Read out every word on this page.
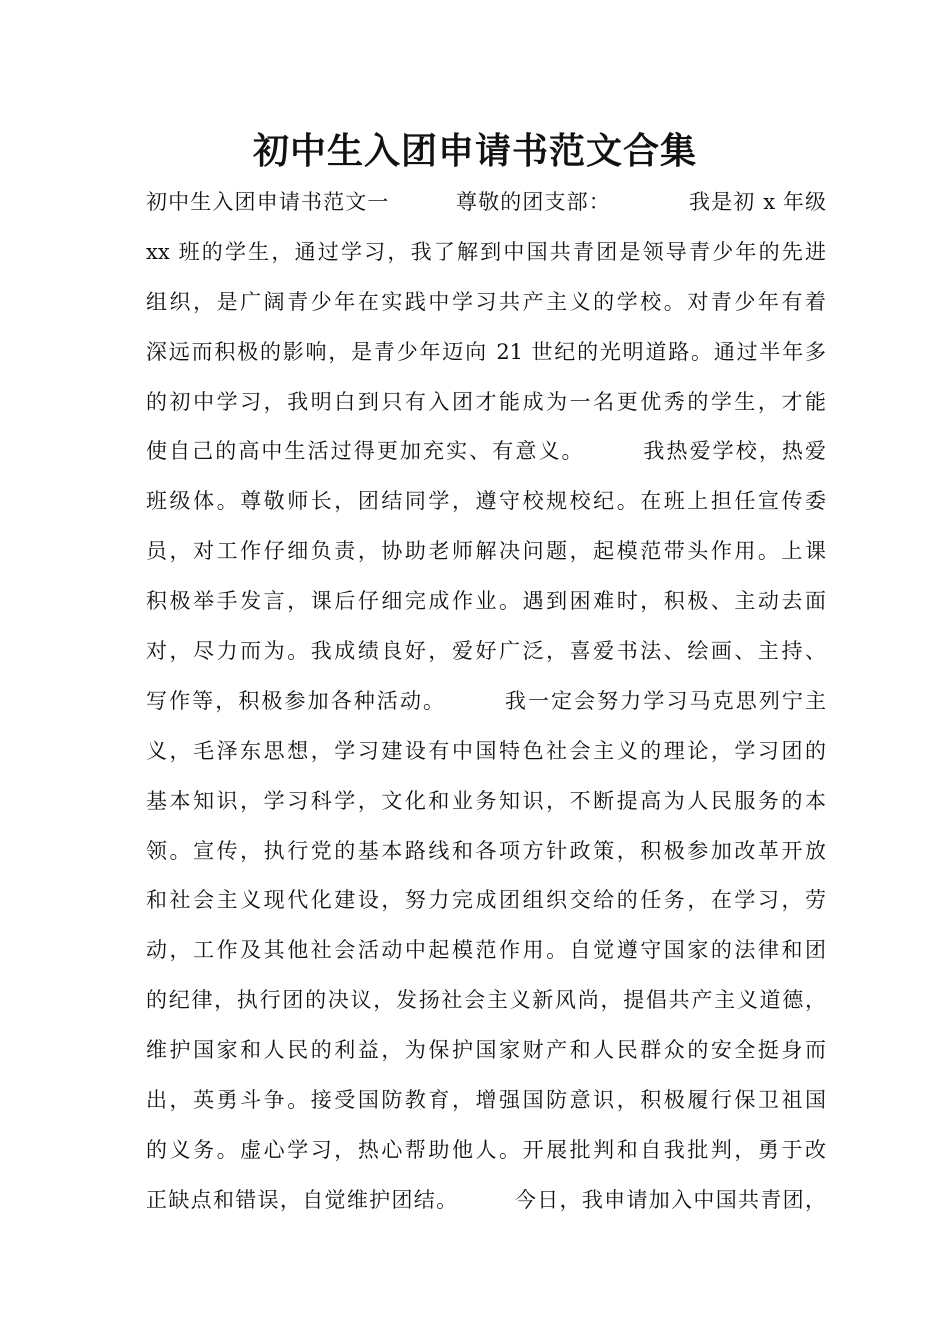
初中生入团申请书范文合集
初中生入团申请书范文一　　　尊敬的团支部：　　　　我是初 x 年级
xx 班的学生，通过学习，我了解到中国共青团是领导青少年的先进
组织，是广阔青少年在实践中学习共产主义的学校。对青少年有着
深远而积极的影响，是青少年迈向 21 世纪的光明道路。通过半年多
的初中学习，我明白到只有入团才能成为一名更优秀的学生，才能
使自己的高中生活过得更加充实、有意义。　　　我热爱学校，热爱
班级体。尊敬师长，团结同学，遵守校规校纪。在班上担任宣传委
员，对工作仔细负责，协助老师解决问题，起模范带头作用。上课
积极举手发言，课后仔细完成作业。遇到困难时，积极、主动去面
对，尽力而为。我成绩良好，爱好广泛，喜爱书法、绘画、主持、
写作等，积极参加各种活动。　　　我一定会努力学习马克思列宁主
义，毛泽东思想，学习建设有中国特色社会主义的理论，学习团的
基本知识，学习科学，文化和业务知识，不断提高为人民服务的本
领。宣传，执行党的基本路线和各项方针政策，积极参加改革开放
和社会主义现代化建设，努力完成团组织交给的任务，在学习，劳
动，工作及其他社会活动中起模范作用。自觉遵守国家的法律和团
的纪律，执行团的决议，发扬社会主义新风尚，提倡共产主义道德，
维护国家和人民的利益，为保护国家财产和人民群众的安全挺身而
出，英勇斗争。接受国防教育，增强国防意识，积极履行保卫祖国
的义务。虚心学习，热心帮助他人。开展批判和自我批判，勇于改
正缺点和错误，自觉维护团结。　　　今日，我申请加入中国共青团，
